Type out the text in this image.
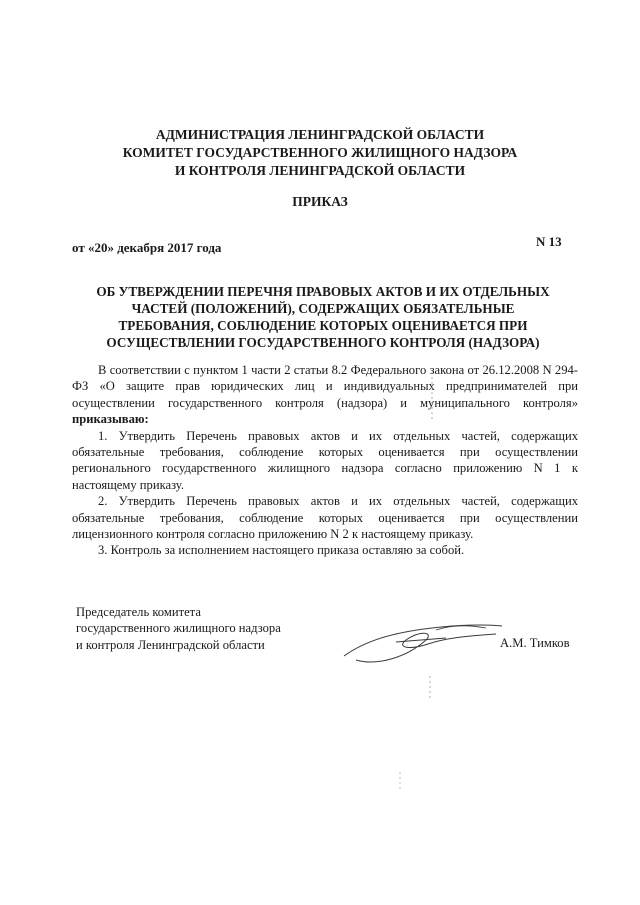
АДМИНИСТРАЦИЯ ЛЕНИНГРАДСКОЙ ОБЛАСТИ
КОМИТЕТ ГОСУДАРСТВЕННОГО ЖИЛИЩНОГО НАДЗОРА
И КОНТРОЛЯ ЛЕНИНГРАДСКОЙ ОБЛАСТИ
ПРИКАЗ
от «20» декабря 2017 года	N 13
ОБ УТВЕРЖДЕНИИ ПЕРЕЧНЯ ПРАВОВЫХ АКТОВ И ИХ ОТДЕЛЬНЫХ
ЧАСТЕЙ (ПОЛОЖЕНИЙ), СОДЕРЖАЩИХ ОБЯЗАТЕЛЬНЫЕ
ТРЕБОВАНИЯ, СОБЛЮДЕНИЕ КОТОРЫХ ОЦЕНИВАЕТСЯ ПРИ
ОСУЩЕСТВЛЕНИИ ГОСУДАРСТВЕННОГО КОНТРОЛЯ (НАДЗОРА)

В соответствии с пунктом 1 части 2 статьи 8.2 Федерального закона от 26.12.2008 N 294-ФЗ «О защите прав юридических лиц и индивидуальных предпринимателей при осуществлении государственного контроля (надзора) и муниципального контроля» приказываю:

1. Утвердить Перечень правовых актов и их отдельных частей, содержащих обязательные требования, соблюдение которых оценивается при осуществлении регионального государственного жилищного надзора согласно приложению N 1 к настоящему приказу.

2. Утвердить Перечень правовых актов и их отдельных частей, содержащих обязательные требования, соблюдение которых оценивается при осуществлении лицензионного контроля согласно приложению N 2 к настоящему приказу.

3. Контроль за исполнением настоящего приказа оставляю за собой.

Председатель комитета
государственного жилищного надзора
и контроля Ленинградской области	А.М. Тимков
